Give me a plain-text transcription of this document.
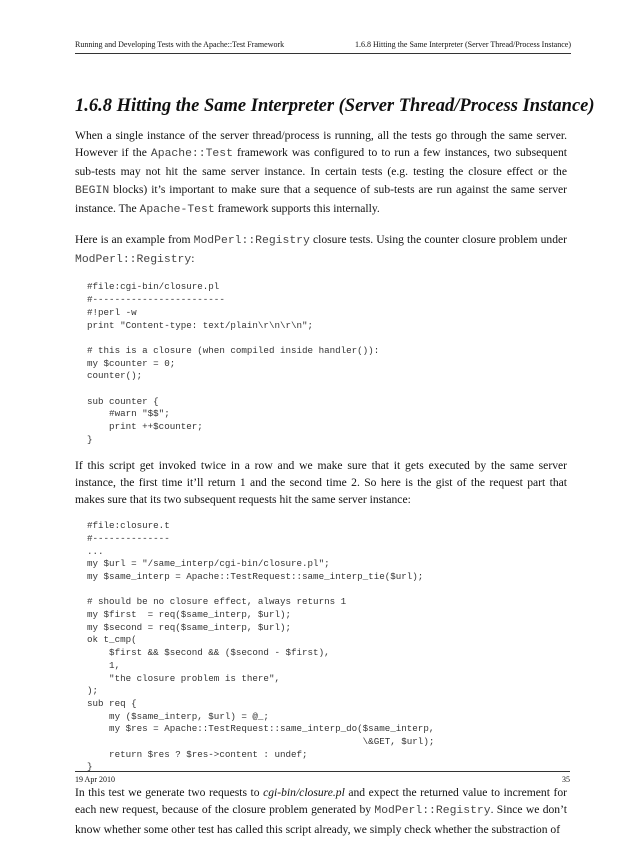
Running and Developing Tests with the Apache::Test Framework	1.6.8 Hitting the Same Interpreter (Server Thread/Process Instance)
1.6.8 Hitting the Same Interpreter (Server Thread/Process Instance)

When a single instance of the server thread/process is running, all the tests go through the same server. However if the Apache::Test framework was configured to to run a few instances, two subsequent sub-tests may not hit the same server instance. In certain tests (e.g. testing the closure effect or the BEGIN blocks) it’s important to make sure that a sequence of sub-tests are run against the same server instance. The Apache-Test framework supports this internally.

Here is an example from ModPerl::Registry closure tests. Using the counter closure problem under ModPerl::Registry:

#file:cgi-bin/closure.pl
#------------------------
#!perl -w
print "Content-type: text/plain\r\n\r\n";
# this is a closure (when compiled inside handler()):
my $counter = 0;
counter();
sub counter {
#warn "$$";
print ++$counter;
}

If this script get invoked twice in a row and we make sure that it gets executed by the same server instance, the first time it’ll return 1 and the second time 2. So here is the gist of the request part that makes sure that its two subsequent requests hit the same server instance:

#file:closure.t
#--------------
...
my $url = "/same_interp/cgi-bin/closure.pl";
my $same_interp = Apache::TestRequest::same_interp_tie($url);
# should be no closure effect, always returns 1
my $first  = req($same_interp, $url);
my $second = req($same_interp, $url);
ok t_cmp(
$first && $second && ($second - $first),
1,
"the closure problem is there",
);
sub req {
my ($same_interp, $url) = @_;
my $res = Apache::TestRequest::same_interp_do($same_interp,
\&GET, $url);
return $res ? $res->content : undef;
}

In this test we generate two requests to cgi-bin/closure.pl and expect the returned value to increment for each new request, because of the closure problem generated by ModPerl::Registry. Since we don’t know whether some other test has called this script already, we simply check whether the substraction of

19 Apr 2010	35
